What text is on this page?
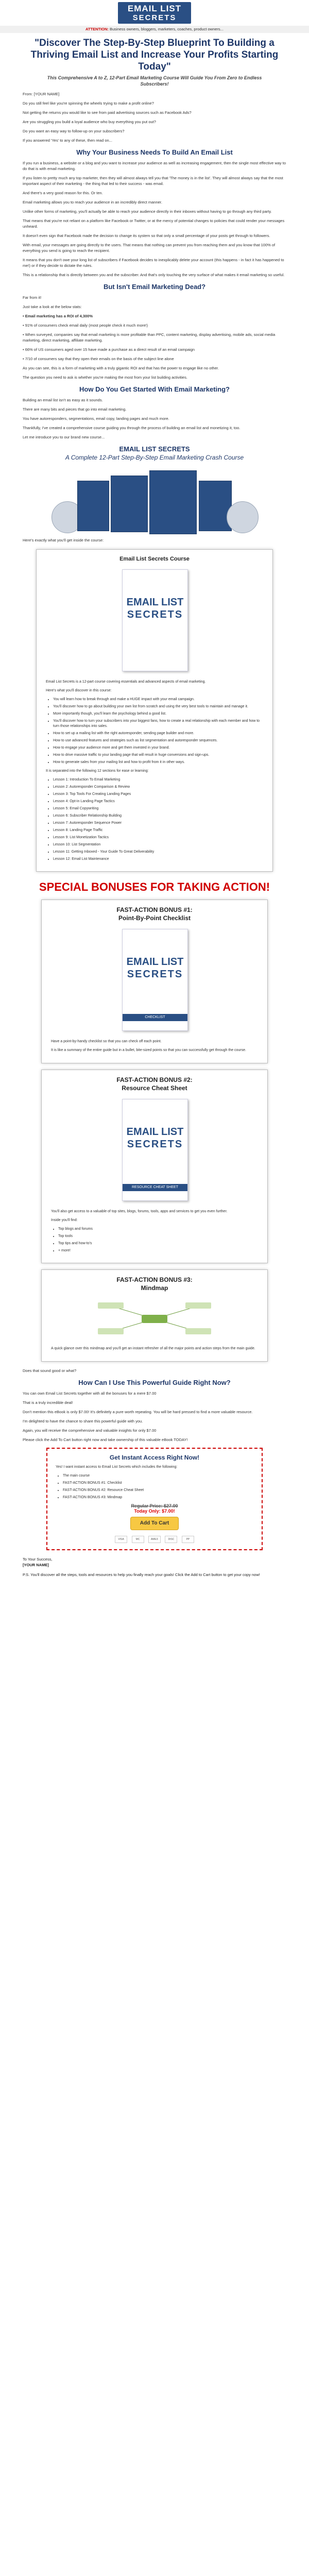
EMAIL LIST
SECRETS
ATTENTION: Business owners, bloggers, marketers, coaches, product owners...
"Discover The Step-By-Step Blueprint To Building a Thriving Email List and Increase Your Profits Starting Today"
This Comprehensive A to Z, 12-Part Email Marketing Course Will Guide You From Zero to Endless Subscribers!

From: [YOUR NAME]

Do you still feel like you're spinning the wheels trying to make a profit online?

Not getting the returns you would like to see from paid advertising sources such as Facebook Ads?

Are you struggling you build a loyal audience who buy everything you put out?

Do you want an easy way to follow-up on your subscribers?

If you answered 'Yes' to any of these, then read on...

Why Your Business Needs To Build An Email List

If you run a business, a website or a blog and you want to increase your audience as well as increasing engagement, then the single most effective way to do that is with email marketing.

If you listen to pretty much any top marketer, then they will almost always tell you that 'The money is in the list'. They will almost always say that the most important aspect of their marketing - the thing that led to their success - was email.

And there's a very good reason for this. Or ten.

Email marketing allows you to reach your audience in an incredibly direct manner.

Unlike other forms of marketing, you'll actually be able to reach your audience directly in their inboxes without having to go through any third party.

That means that you're not reliant on a platform like Facebook or Twitter, or at the mercy of potential changes to policies that could render your messages unheard.

It doesn't even sign that Facebook made the decision to change its system so that only a small percentage of your posts get through to followers.

With email, your messages are going directly to the users. That means that nothing can prevent you from reaching them and you know that 100% of everything you send is going to reach the recipient.

It means that you don't owe your long list of subscribers if Facebook decides to inexplicably delete your account (this happens - in fact it has happened to me!) or if they decide to dictate the rules.

This is a relationship that is directly between you and the subscriber. And that's only touching the very surface of what makes it email marketing so useful.

But Isn't Email Marketing Dead?

Far from it!

Just take a look at the below stats:

• Email marketing has a ROI of 4,300%

• 91% of consumers check email daily (most people check it much more!)

• When surveyed, companies say that email marketing is more profitable than PPC, content marketing, display advertising, mobile ads, social media marketing, direct marketing, affiliate marketing.

• 66% of US consumers aged over 15 have made a purchase as a direct result of an email campaign

• 7/10 of consumers say that they open their emails on the basis of the subject line alone

As you can see, this is a form of marketing with a truly gigantic ROI and that has the power to engage like no other.

The question you need to ask is whether you're making the most from your list building activities.

How Do You Get Started With Email Marketing?

Building an email list isn't as easy as it sounds.

There are many bits and pieces that go into email marketing.

You have autoresponders, segmentations, email copy, landing pages and much more.

Thankfully, I've created a comprehensive course guiding you through the process of building an email list and monetizing it, too.

Let me introduce you to our brand new course...

EMAIL LIST SECRETS
A Complete 12-Part Step-By-Step Email Marketing Crash Course

Here's exactly what you'll get inside the course:

Email List Secrets Course
EMAIL LIST
SECRETS

Email List Secrets is a 12-part course covering essentials and advanced aspects of email marketing.

Here's what you'll discover in this course:

• You will learn how to break through and make a HUGE impact with your email campaign.
• You'll discover how to go about building your own list from scratch and using the very best tools to maintain and manage it.
• More importantly though, you'll learn the psychology behind a good list.
• You'll discover how to turn your subscribers into your biggest fans, how to create a real relationship with each member and how to turn those relationships into sales.
• How to set up a mailing list with the right autoresponder, sending page builder and more.
• How to use advanced features and strategies such as list segmentation and autoresponder sequences.
• How to engage your audience more and get them invested in your brand.
• How to drive massive traffic to your landing page that will result in huge conversions and sign-ups.
• How to generate sales from your mailing list and how to profit from it in other ways.

It is separated into the following 12 sections for ease or learning:

• Lesson 1: Introduction To Email Marketing
• Lesson 2: Autoresponder Comparison & Review
• Lesson 3: Top Tools For Creating Landing Pages
• Lesson 4: Opt-in Landing Page Tactics
• Lesson 5: Email Copywriting
• Lesson 6: Subscriber Relationship Building
• Lesson 7: Autoresponder Sequence Power
• Lesson 8: Landing Page Traffic
• Lesson 9: List Monetization Tactics
• Lesson 10: List Segmentation
• Lesson 11: Getting Inboxed - Your Guide To Great Deliverability
• Lesson 12: Email List Maintenance
SPECIAL BONUSES FOR TAKING ACTION!
FAST-ACTION BONUS #1:
Point-By-Point Checklist
EMAIL LIST
SECRETS
CHECKLIST

Have a point-by-handy checklist so that you can check off each point.

It is like a summary of the entire guide but in a bullet, bite-sized points so that you can successfully get through the course.

FAST-ACTION BONUS #2:
Resource Cheat Sheet
EMAIL LIST
SECRETS
RESOURCE CHEAT SHEET

You'll also get access to a valuable of top sites, blogs, forums, tools, apps and services to get you even further.

Inside you'll find:

• Top blogs and forums
• Top tools
• Top tips and how-to's
• + more!
FAST-ACTION BONUS #3:
Mindmap

A quick glance over this mindmap and you'll get an instant refresher of all the major points and action steps from the main guide.

Does that sound good or what?

How Can I Use This Powerful Guide Right Now?

You can own Email List Secrets together with all the bonuses for a mere $7.00

That is a truly incredible deal!

Don't mention this eBook is only $7.00! It's definitely a pure worth repeating. You will be hard pressed to find a more valuable resource.

I'm delighted to have the chance to share this powerful guide with you.

Again, you will receive the comprehensive and valuable insights for only $7.00

Please click the Add To Cart button right now and take ownership of this valuable eBook TODAY!

Get Instant Access Right Now!

Yes! I want instant access to Email List Secrets which includes the following:

• The main course
• FAST-ACTION BONUS #1: Checklist
• FAST-ACTION BONUS #2: Resource Cheat Sheet
• FAST-ACTION BONUS #3: Mindmap
Regular Price: $27.00
Today Only: $7.00!
Add To Cart
VISA	MC	AMEX	DISC	PP
To Your Success,
[YOUR NAME]

P.S. You'll discover all the steps, tools and resources to help you finally reach your goals! Click the Add to Cart button to get your copy now!
